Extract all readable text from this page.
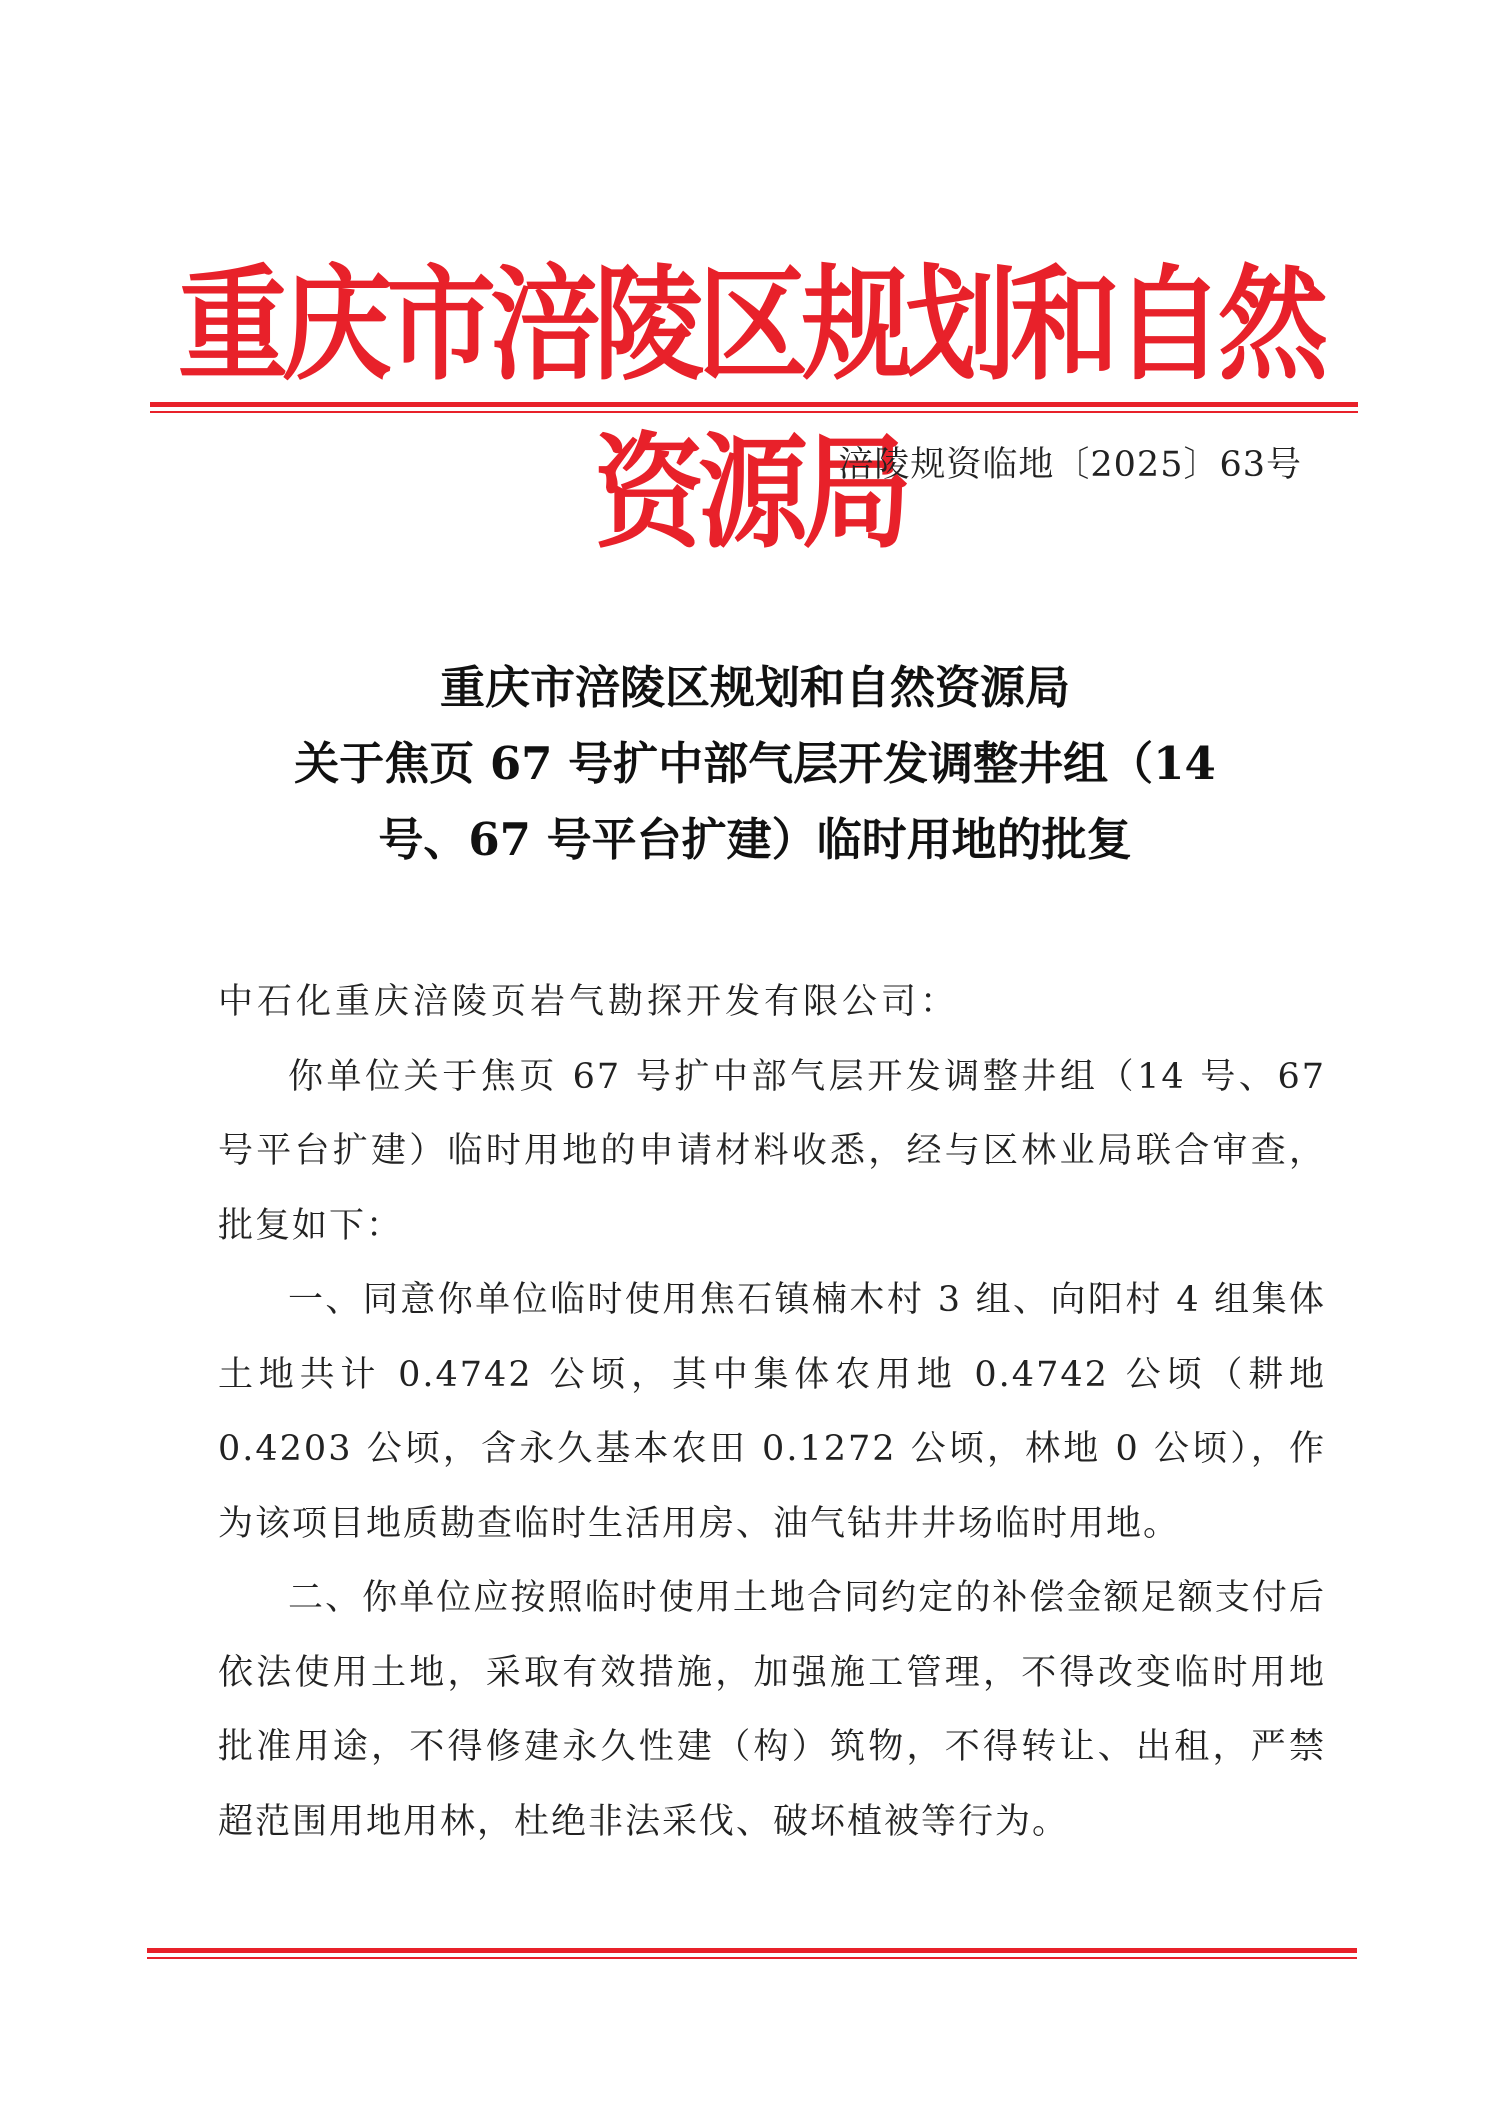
重庆市涪陵区规划和自然资源局
涪陵规资临地〔2025〕63号
重庆市涪陵区规划和自然资源局
关于焦页 67 号扩中部气层开发调整井组（14
号、67 号平台扩建）临时用地的批复

中石化重庆涪陵页岩气勘探开发有限公司：

你单位关于焦页 67 号扩中部气层开发调整井组（14 号、67 号平台扩建）临时用地的申请材料收悉，经与区林业局联合审查，批复如下：

一、同意你单位临时使用焦石镇楠木村 3 组、向阳村 4 组集体土地共计 0.4742 公顷，其中集体农用地 0.4742 公顷（耕地 0.4203 公顷，含永久基本农田 0.1272 公顷，林地 0 公顷），作为该项目地质勘查临时生活用房、油气钻井井场临时用地。

二、你单位应按照临时使用土地合同约定的补偿金额足额支付后依法使用土地，采取有效措施，加强施工管理，不得改变临时用地批准用途，不得修建永久性建（构）筑物，不得转让、出租，严禁超范围用地用林，杜绝非法采伐、破坏植被等行为。
